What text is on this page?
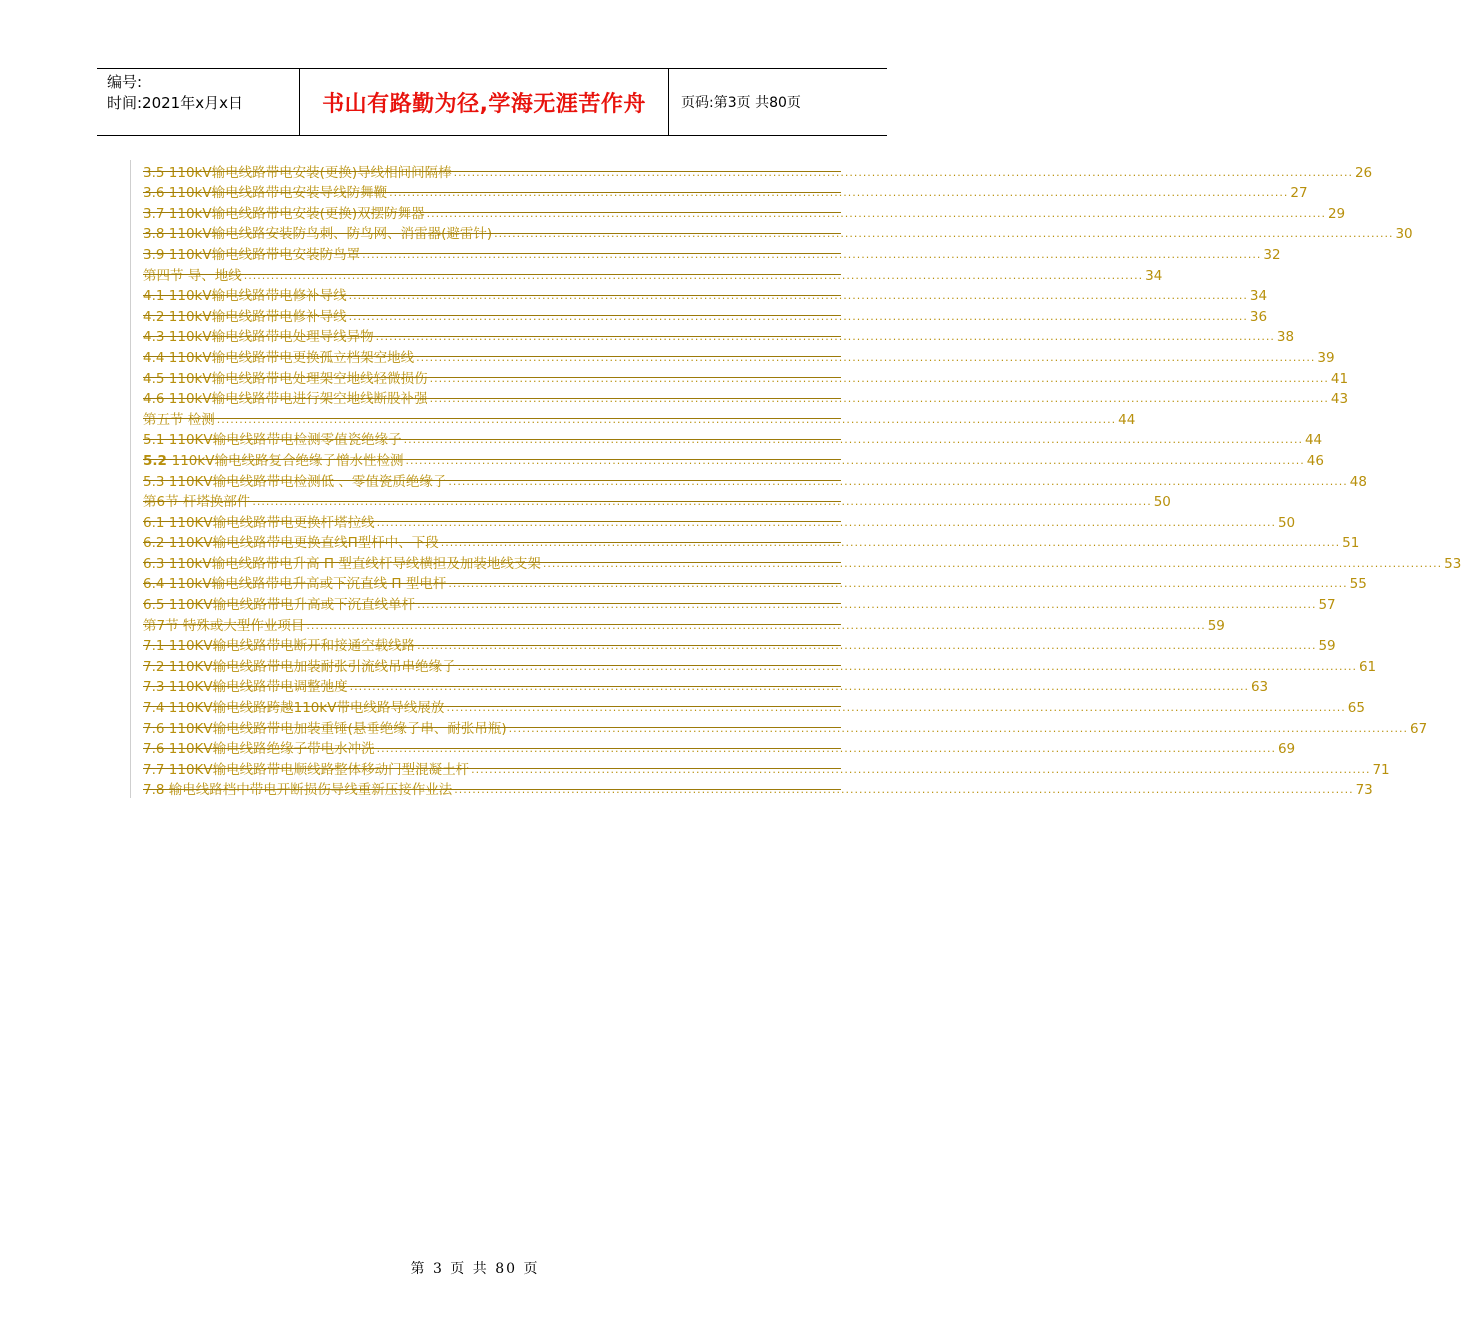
编号:
时间:2021年x月x日	书山有路勤为径,学海无涯苦作舟	页码:第3页 共80页
3.5 110kV输电线路带电安装(更换)导线相间间隔棒 ........................................................................................................................................................................................................ 26
3.6 110kV输电线路带电安装导线防舞鞭 ........................................................................................................................................................................................................ 27
3.7 110kV输电线路带电安装(更换)双摆防舞器 ........................................................................................................................................................................................................ 29
3.8 110kV输电线路安装防鸟刺、防鸟网、消雷器(避雷针) ........................................................................................................................................................................................................ 30
3.9 110kV输电线路带电安装防鸟罩 ........................................................................................................................................................................................................ 32
第四节 导、地线 ........................................................................................................................................................................................................ 34
4.1 110kV输电线路带电修补导线 ........................................................................................................................................................................................................ 34
4.2 110kV输电线路带电修补导线 ........................................................................................................................................................................................................ 36
4.3 110kV输电线路带电处理导线异物 ........................................................................................................................................................................................................ 38
4.4 110kV输电线路带电更换孤立档架空地线 ........................................................................................................................................................................................................ 39
4.5 110kV输电线路带电处理架空地线轻微损伤 ........................................................................................................................................................................................................ 41
4.6 110kV输电线路带电进行架空地线断股补强 ........................................................................................................................................................................................................ 43
第五节 检测 ........................................................................................................................................................................................................ 44
5.1 110KV输电线路带电检测零值瓷绝缘子 ........................................................................................................................................................................................................ 44
5.2 110kV输电线路复合绝缘子憎水性检测 ........................................................................................................................................................................................................ 46
5.3 110KV输电线路带电检测低 、零值瓷质绝缘子 ........................................................................................................................................................................................................ 48
第6节 杆塔换部件 ........................................................................................................................................................................................................ 50
6.1 110KV输电线路带电更换杆塔拉线 ........................................................................................................................................................................................................ 50
6.2 110KV输电线路带电更换直线Π型杆中、下段 ........................................................................................................................................................................................................ 51
6.3 110kV输电线路带电升高 Π 型直线杆导线横担及加装地线支架 ........................................................................................................................................................................................................ 53
6.4 110kV输电线路带电升高或下沉直线 Π 型电杆 ........................................................................................................................................................................................................ 55
6.5 110KV输电线路带电升高或下沉直线单杆 ........................................................................................................................................................................................................ 57
第7节 特殊或大型作业项目 ........................................................................................................................................................................................................ 59
7.1 110KV输电线路带电断开和接通空载线路 ........................................................................................................................................................................................................ 59
7.2 110KV输电线路带电加装耐张引流线吊串绝缘子 ........................................................................................................................................................................................................ 61
7.3 110KV输电线路带电调整弛度 ........................................................................................................................................................................................................ 63
7.4 110KV输电线路跨越110kV带电线路导线展放 ........................................................................................................................................................................................................ 65
7.6 110KV输电线路带电加装重锤(悬垂绝缘子串、耐张吊瓶) ........................................................................................................................................................................................................ 67
7.6 110KV输电线路绝缘子带电水冲洗 ........................................................................................................................................................................................................ 69
7.7 110KV输电线路带电顺线路整体移动门型混凝土杆 ........................................................................................................................................................................................................ 71
7.8 输电线路档中带电开断损伤导线重新压接作业法 ........................................................................................................................................................................................................ 73
第 3 页 共 80 页
